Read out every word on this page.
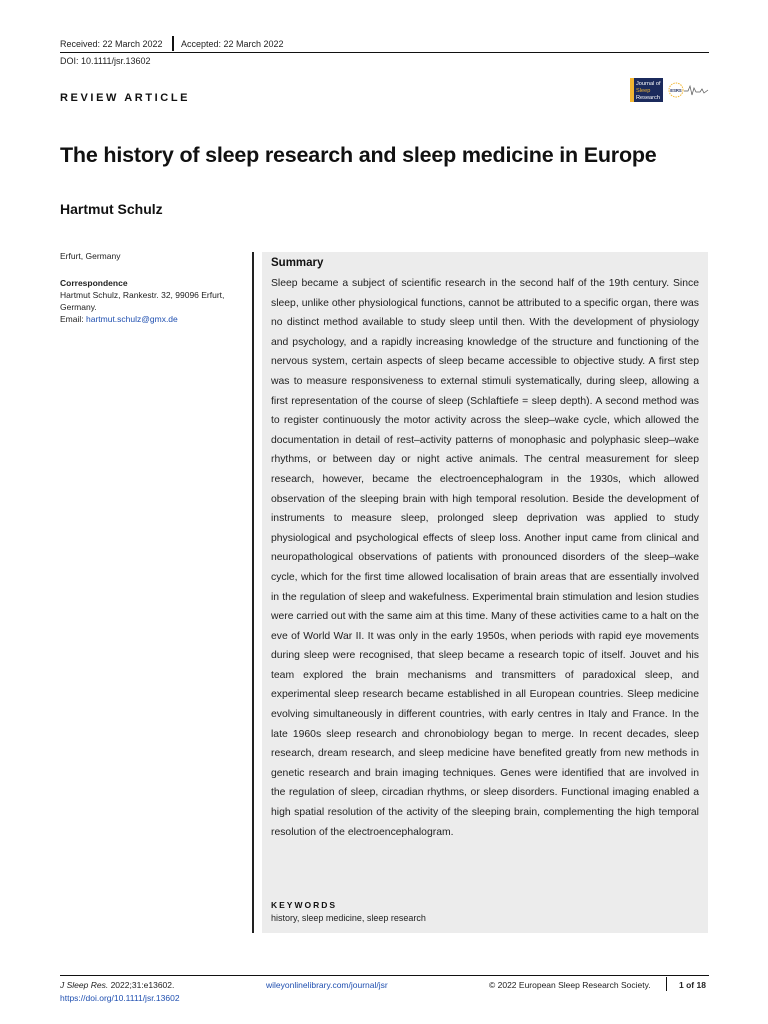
Received: 22 March 2022 Accepted: 22 March 2022
DOI: 10.1111/jsr.13602
REVIEW ARTICLE
Journal of
Sleep
Research
ESRS
The history of sleep research and sleep medicine in Europe
Hartmut Schulz
Erfurt, Germany
Correspondence
Hartmut Schulz, Rankestr. 32, 99096 Erfurt, Germany.
Email: hartmut.schulz@gmx.de
Summary
Sleep became a subject of scientific research in the second half of the 19th century. Since sleep, unlike other physiological functions, cannot be attributed to a specific organ, there was no distinct method available to study sleep until then. With the development of physiology and psychology, and a rapidly increasing knowledge of the structure and functioning of the nervous system, certain aspects of sleep became accessible to objective study. A first step was to measure responsiveness to external stimuli systematically, during sleep, allowing a first representation of the course of sleep (Schlaftiefe = sleep depth). A second method was to register continuously the motor activity across the sleep–wake cycle, which allowed the documentation in detail of rest–activity patterns of monophasic and polyphasic sleep–wake rhythms, or between day or night active animals. The central measurement for sleep research, however, became the electroencephalogram in the 1930s, which allowed observation of the sleeping brain with high temporal resolution. Beside the development of instruments to measure sleep, prolonged sleep deprivation was applied to study physiological and psychological effects of sleep loss. Another input came from clinical and neuropathological observations of patients with pronounced disorders of the sleep–wake cycle, which for the first time allowed localisation of brain areas that are essentially involved in the regulation of sleep and wakefulness. Experimental brain stimulation and lesion studies were carried out with the same aim at this time. Many of these activities came to a halt on the eve of World War II. It was only in the early 1950s, when periods with rapid eye movements during sleep were recognised, that sleep became a research topic of itself. Jouvet and his team explored the brain mechanisms and transmitters of paradoxical sleep, and experimental sleep research became established in all European countries. Sleep medicine evolving simultaneously in different countries, with early centres in Italy and France. In the late 1960s sleep research and chronobiology began to merge. In recent decades, sleep research, dream research, and sleep medicine have benefited greatly from new methods in genetic research and brain imaging techniques. Genes were identified that are involved in the regulation of sleep, circadian rhythms, or sleep disorders. Functional imaging enabled a high spatial resolution of the activity of the sleeping brain, complementing the high temporal resolution of the electroencephalogram.
KEYWORDS
history, sleep medicine, sleep research
J Sleep Res. 2022;31:e13602.
https://doi.org/10.1111/jsr.13602
wileyonlinelibrary.com/journal/jsr	© 2022 European Sleep Research Society.	1 of 18
